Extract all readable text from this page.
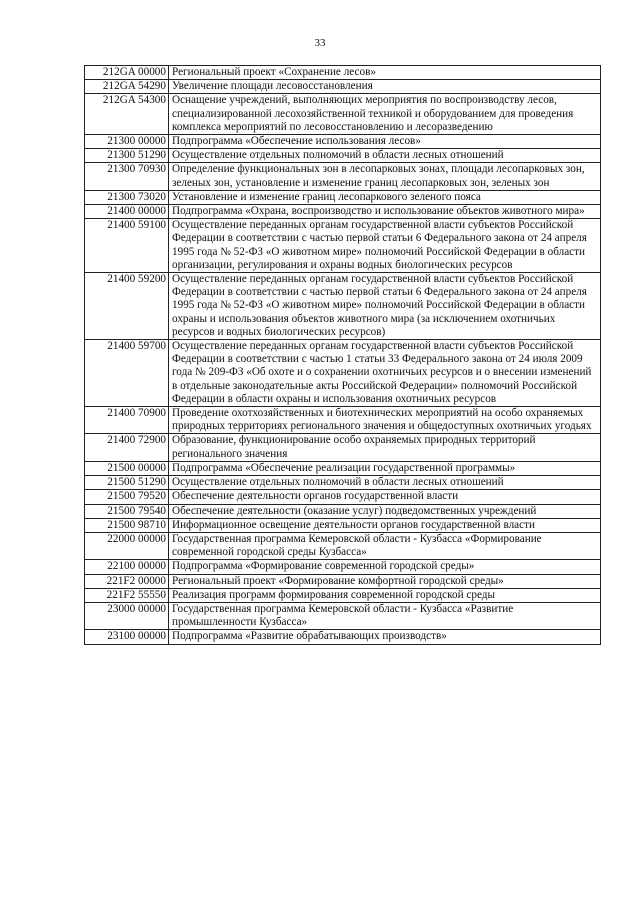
33
212GA 00000	Региональный проект «Сохранение лесов»
212GA 54290	Увеличение площади лесовосстановления
212GA 54300	Оснащение учреждений, выполняющих мероприятия по воспроизводству лесов, специализированной лесохозяйственной техникой и оборудованием для проведения комплекса мероприятий по лесовосстановлению и лесоразведению
21300 00000	Подпрограмма «Обеспечение использования лесов»
21300 51290	Осуществление отдельных полномочий в области лесных отношений
21300 70930	Определение функциональных зон в лесопарковых зонах, площади лесопарковых зон, зеленых зон, установление и изменение границ лесопарковых зон, зеленых зон
21300 73020	Установление и изменение границ лесопаркового зеленого пояса
21400 00000	Подпрограмма «Охрана, воспроизводство и использование объектов животного мира»
21400 59100	Осуществление переданных органам государственной власти субъектов Российской Федерации в соответствии с частью первой статьи 6 Федерального закона от 24 апреля 1995 года № 52-ФЗ «О животном мире» полномочий Российской Федерации в области организации, регулирования и охраны водных биологических ресурсов
21400 59200	Осуществление переданных органам государственной власти субъектов Российской Федерации в соответствии с частью первой статьи 6 Федерального закона от 24 апреля 1995 года № 52-ФЗ «О животном мире» полномочий Российской Федерации в области охраны и использования объектов животного мира (за исключением охотничьих ресурсов и водных биологических ресурсов)
21400 59700	Осуществление переданных органам государственной власти субъектов Российской Федерации в соответствии с частью 1 статьи 33 Федерального закона от 24 июля 2009 года № 209-ФЗ «Об охоте и о сохранении охотничьих ресурсов и о внесении изменений в отдельные законодательные акты Российской Федерации» полномочий Российской Федерации в области охраны и использования охотничьих ресурсов
21400 70900	Проведение охотхозяйственных и биотехнических мероприятий на особо охраняемых природных территориях регионального значения и общедоступных охотничьих угодьях
21400 72900	Образование, функционирование особо охраняемых природных территорий регионального значения
21500 00000	Подпрограмма «Обеспечение реализации государственной программы»
21500 51290	Осуществление отдельных полномочий в области лесных отношений
21500 79520	Обеспечение деятельности органов государственной власти
21500 79540	Обеспечение деятельности (оказание услуг) подведомственных учреждений
21500 98710	Информационное освещение деятельности органов государственной власти
22000 00000	Государственная программа Кемеровской области - Кузбасса «Формирование современной городской среды Кузбасса»
22100 00000	Подпрограмма «Формирование современной городской среды»
221F2 00000	Региональный проект «Формирование комфортной городской среды»
221F2 55550	Реализация программ формирования современной городской среды
23000 00000	Государственная программа Кемеровской области - Кузбасса «Развитие промышленности Кузбасса»
23100 00000	Подпрограмма «Развитие обрабатывающих производств»
